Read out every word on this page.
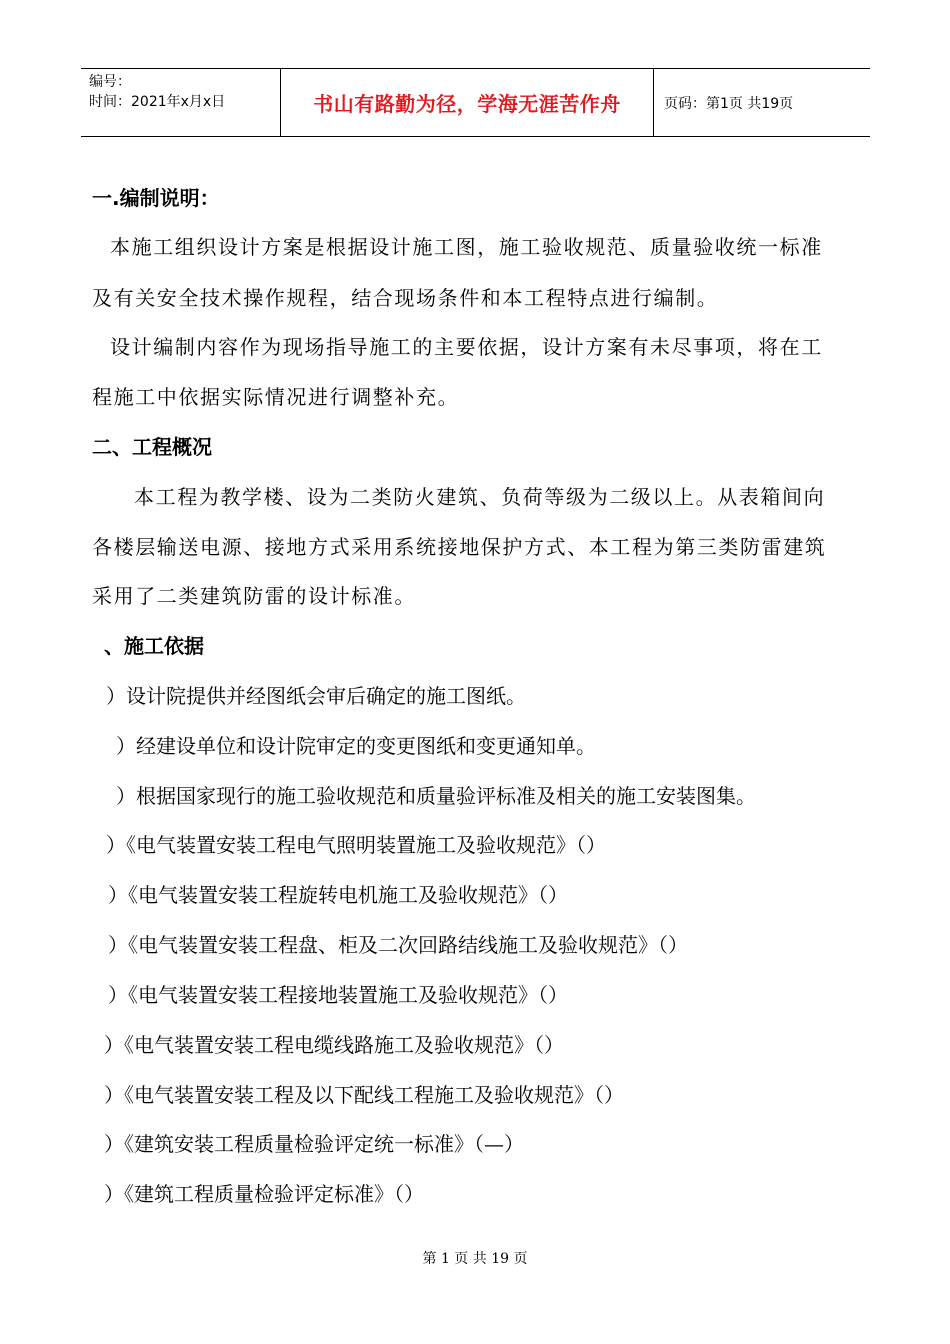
编号：
时间：2021年x月x日	书山有路勤为径，学海无涯苦作舟	页码：第1页 共19页
一.编制说明：
本施工组织设计方案是根据设计施工图，施工验收规范、质量验收统一标准
及有关安全技术操作规程，结合现场条件和本工程特点进行编制。
设计编制内容作为现场指导施工的主要依据，设计方案有未尽事项，将在工
程施工中依据实际情况进行调整补充。
二、工程概况
本工程为教学楼、设为二类防火建筑、负荷等级为二级以上。从表箱间向
各楼层输送电源、接地方式采用系统接地保护方式、本工程为第三类防雷建筑
采用了二类建筑防雷的设计标准。
、施工依据
）设计院提供并经图纸会审后确定的施工图纸。
）经建设单位和设计院审定的变更图纸和变更通知单。
）根据国家现行的施工验收规范和质量验评标准及相关的施工安装图集。
）《电气装置安装工程电气照明装置施工及验收规范》（）
）《电气装置安装工程旋转电机施工及验收规范》（）
）《电气装置安装工程盘、柜及二次回路结线施工及验收规范》（）
）《电气装置安装工程接地装置施工及验收规范》（）
）《电气装置安装工程电缆线路施工及验收规范》（）
）《电气装置安装工程及以下配线工程施工及验收规范》（）
）《建筑安装工程质量检验评定统一标准》（—）
）《建筑工程质量检验评定标准》（）
第 1 页 共 19 页
